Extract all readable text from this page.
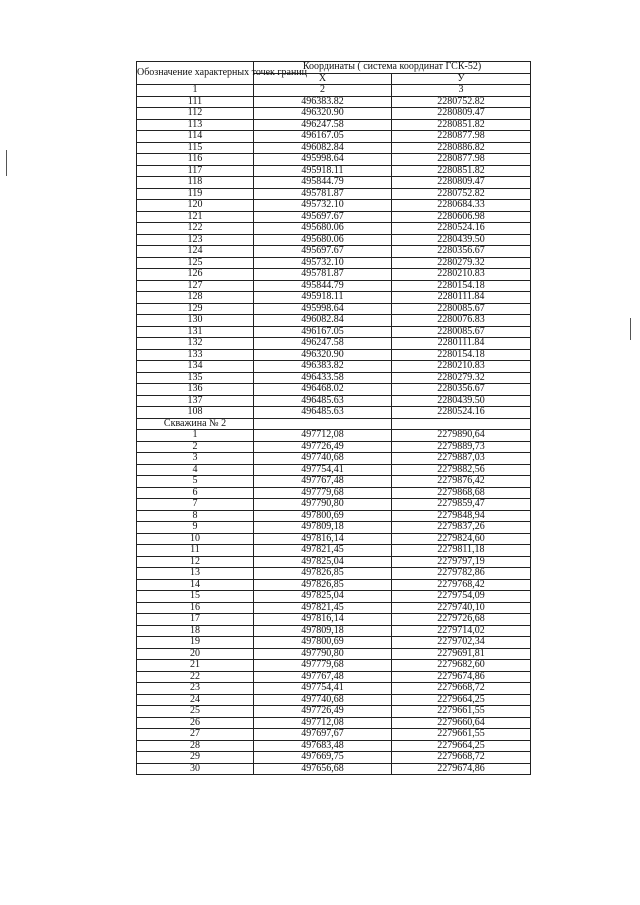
Обозначение характерных точек границ	Координаты ( система координат ГСК-52)	
	X	У
1	2	3
111	496383.82	2280752.82
112	496320.90	2280809.47
113	496247.58	2280851.82
114	496167.05	2280877.98
115	496082.84	2280886.82
116	495998.64	2280877.98
117	495918.11	2280851.82
118	495844.79	2280809.47
119	495781.87	2280752.82
120	495732.10	2280684.33
121	495697.67	2280606.98
122	495680.06	2280524.16
123	495680.06	2280439.50
124	495697.67	2280356.67
125	495732.10	2280279.32
126	495781.87	2280210.83
127	495844.79	2280154.18
128	495918.11	2280111.84
129	495998.64	2280085.67
130	496082.84	2280076.83
131	496167.05	2280085.67
132	496247.58	2280111.84
133	496320.90	2280154.18
134	496383.82	2280210.83
135	496433.58	2280279.32
136	496468.02	2280356.67
137	496485.63	2280439.50
108	496485.63	2280524.16
Скважина № 2		
1	497712,08	2279890,64
2	497726,49	2279889,73
3	497740,68	2279887,03
4	497754,41	2279882,56
5	497767,48	2279876,42
6	497779,68	2279868,68
7	497790,80	2279859,47
8	497800,69	2279848,94
9	497809,18	2279837,26
10	497816,14	2279824,60
11	497821,45	2279811,18
12	497825,04	2279797,19
13	497826,85	2279782,86
14	497826,85	2279768,42
15	497825,04	2279754,09
16	497821,45	2279740,10
17	497816,14	2279726,68
18	497809,18	2279714,02
19	497800,69	2279702,34
20	497790,80	2279691,81
21	497779,68	2279682,60
22	497767,48	2279674,86
23	497754,41	2279668,72
24	497740,68	2279664,25
25	497726,49	2279661,55
26	497712,08	2279660,64
27	497697,67	2279661,55
28	497683,48	2279664,25
29	497669,75	2279668,72
30	497656,68	2279674,86
